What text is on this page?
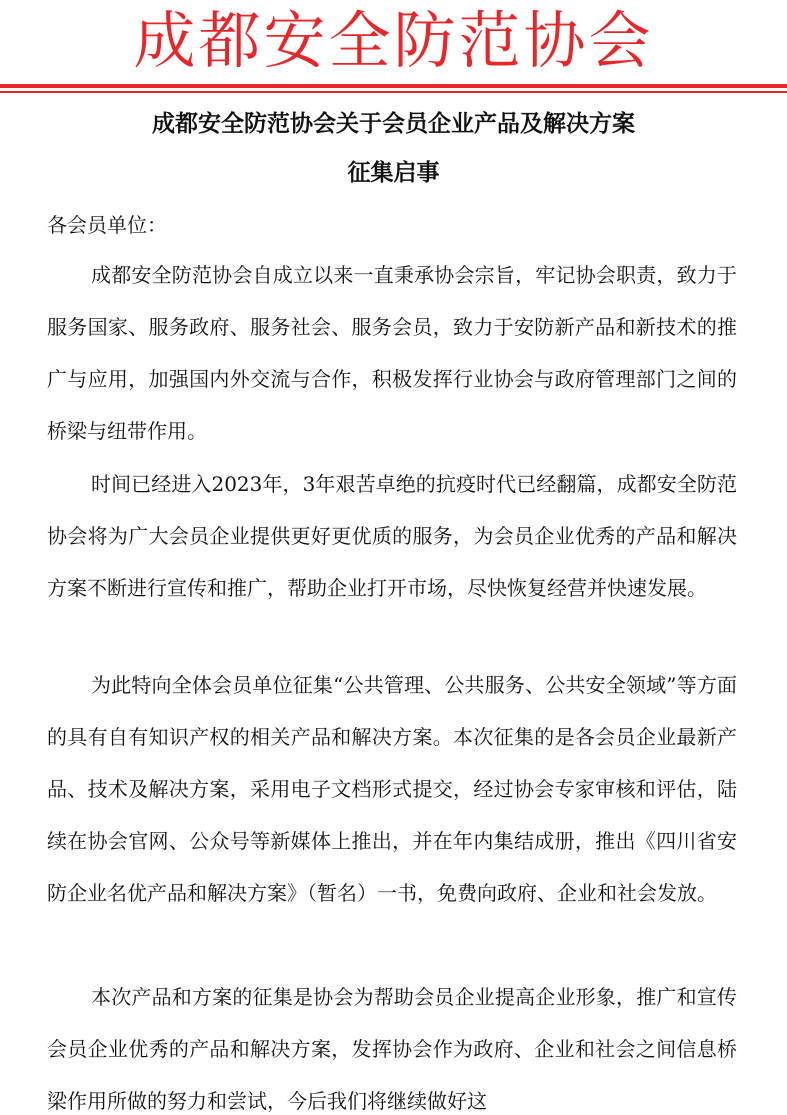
成都安全防范协会
成都安全防范协会关于会员企业产品及解决方案
征集启事
各会员单位：

成都安全防范协会自成立以来一直秉承协会宗旨，牢记协会职责，致力于服务国家、服务政府、服务社会、服务会员，致力于安防新产品和新技术的推广与应用，加强国内外交流与合作，积极发挥行业协会与政府管理部门之间的桥梁与纽带作用。

时间已经进入2023年，3年艰苦卓绝的抗疫时代已经翻篇，成都安全防范协会将为广大会员企业提供更好更优质的服务，为会员企业优秀的产品和解决方案不断进行宣传和推广，帮助企业打开市场，尽快恢复经营并快速发展。

为此特向全体会员单位征集“公共管理、公共服务、公共安全领域”等方面的具有自有知识产权的相关产品和解决方案。本次征集的是各会员企业最新产品、技术及解决方案，采用电子文档形式提交，经过协会专家审核和评估，陆续在协会官网、公众号等新媒体上推出，并在年内集结成册，推出《四川省安防企业名优产品和解决方案》（暂名）一书，免费向政府、企业和社会发放。

本次产品和方案的征集是协会为帮助会员企业提高企业形象，推广和宣传会员企业优秀的产品和解决方案，发挥协会作为政府、企业和社会之间信息桥梁作用所做的努力和尝试，今后我们将继续做好这
